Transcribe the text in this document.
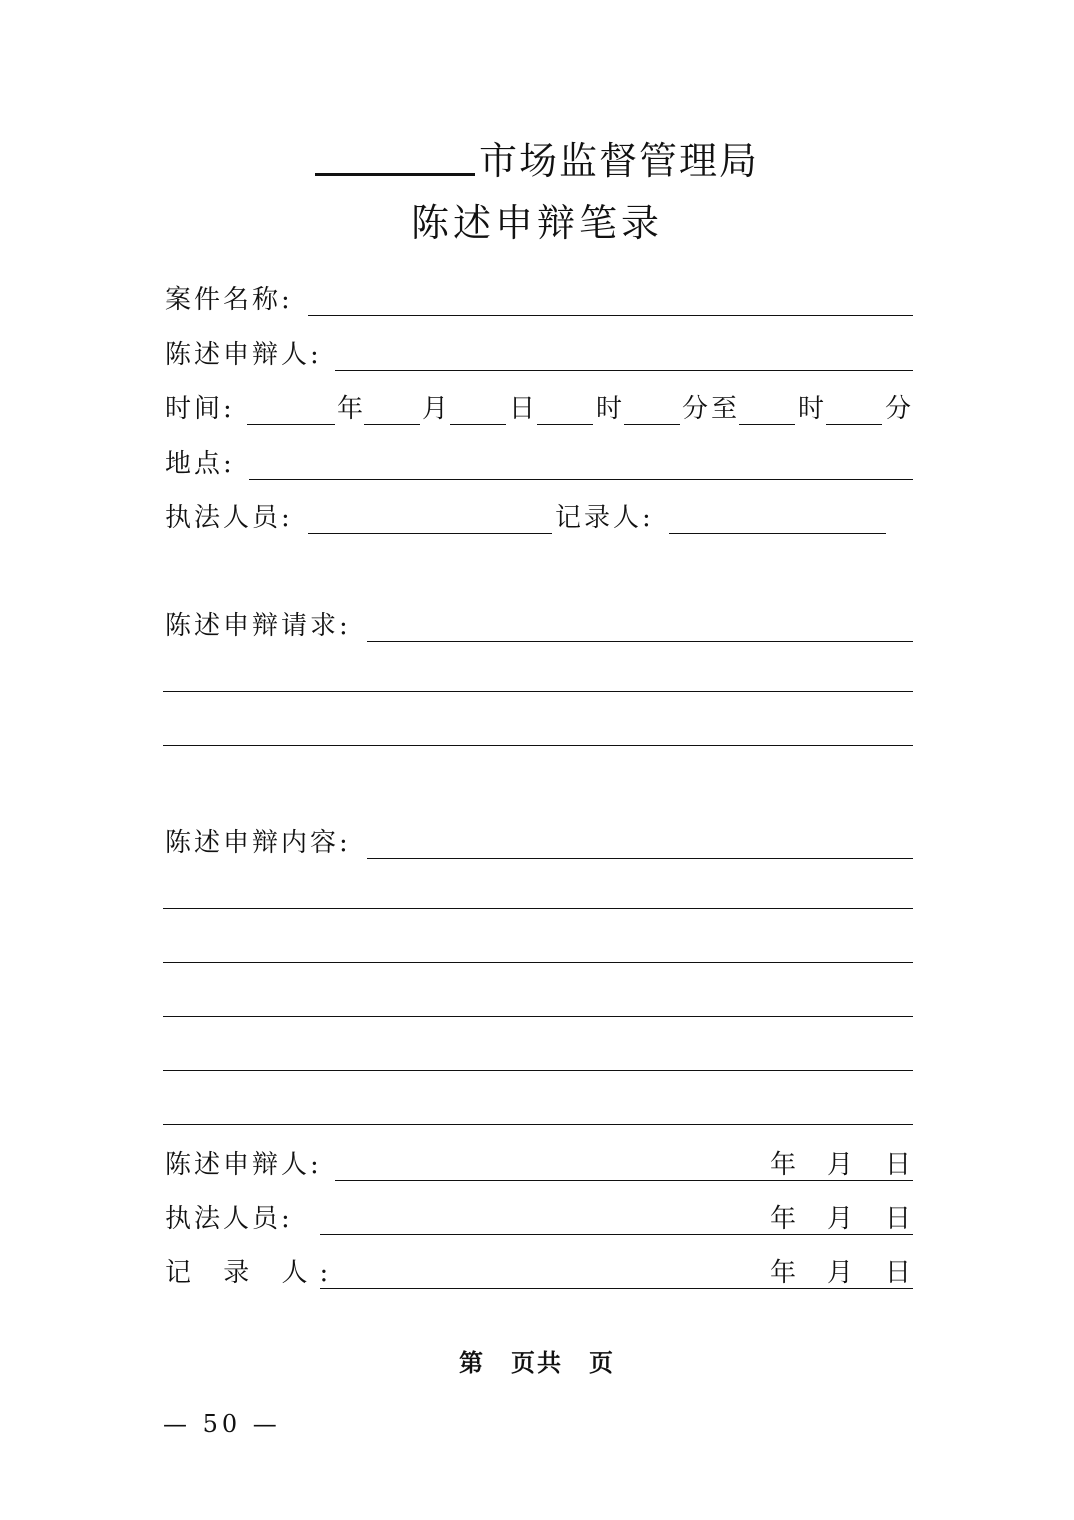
市场监督管理局
陈述申辩笔录
案件名称:
陈述申辩人:
时间:	年 月 日 时 分至 时 分
地点:
执法人员:	记录人:
陈述申辩请求:
陈述申辩内容:
陈述申辩人:	年 月 日
执法人员:	年 月 日
记 录 人:	年 月 日
第 页共 页
— 50 —
